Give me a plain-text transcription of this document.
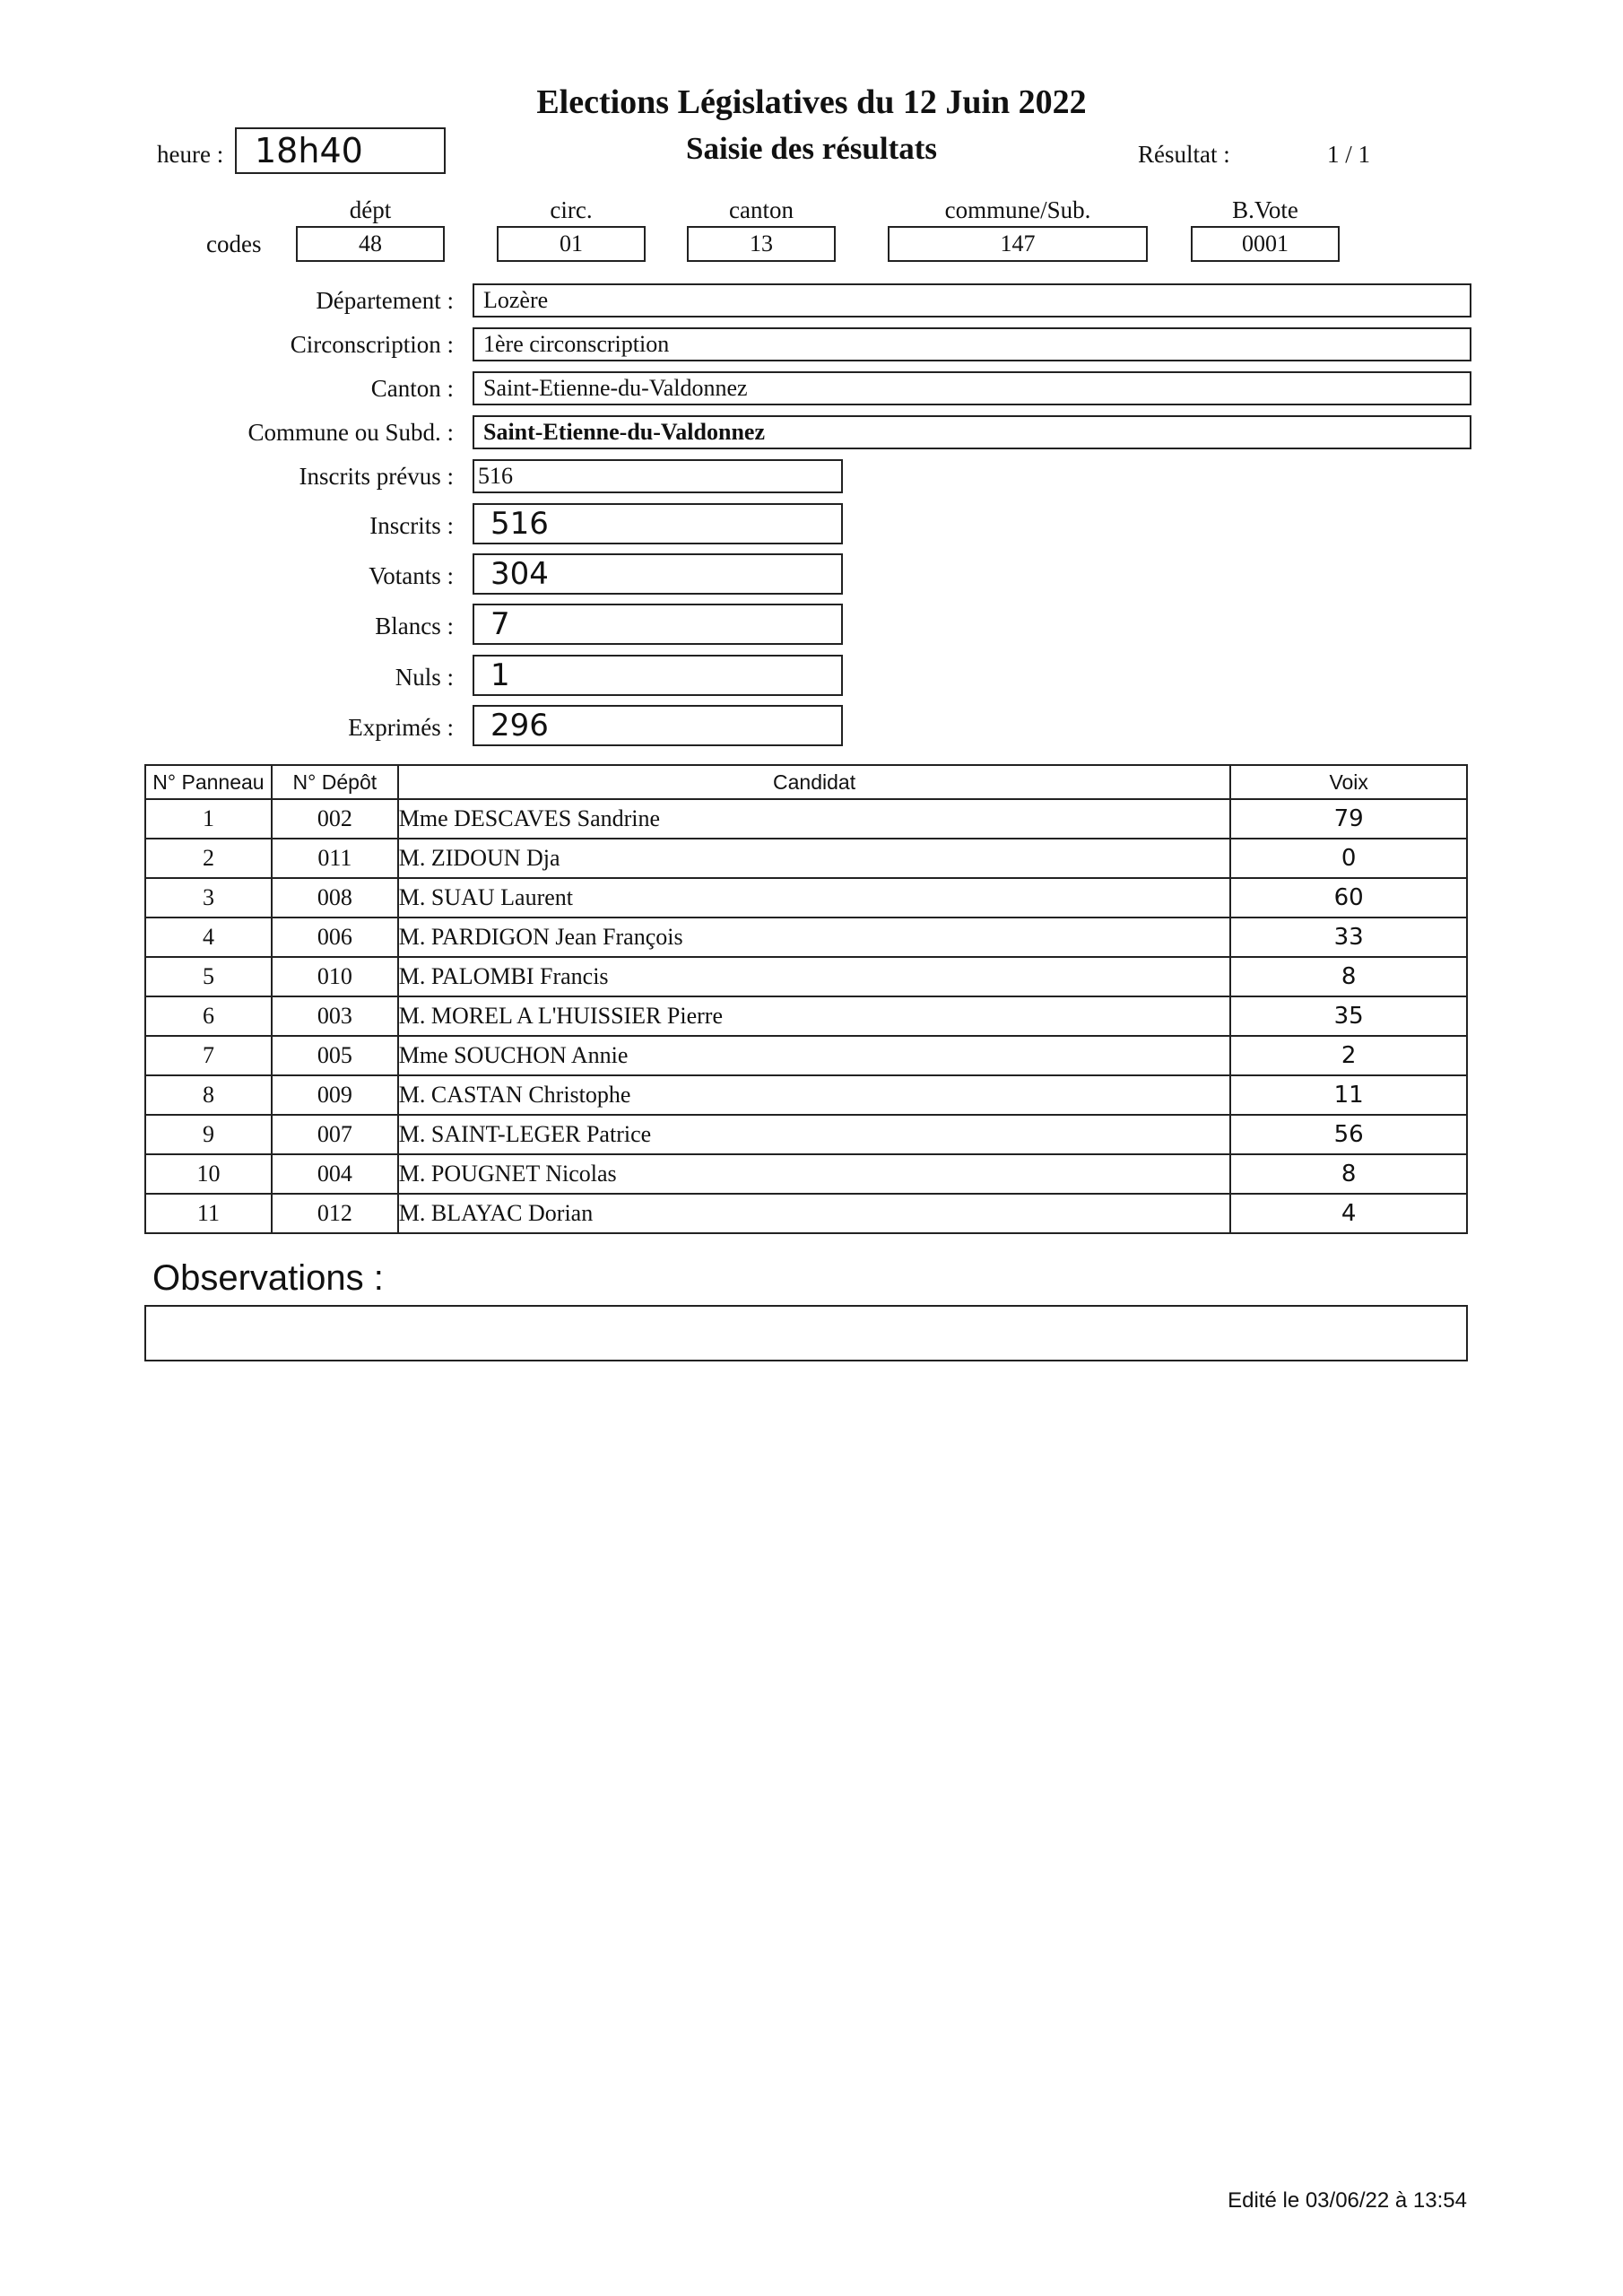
Elections Législatives du 12 Juin 2022
Saisie des résultats
heure : 18h40	Résultat :	1 / 1
dépt	circ.	canton	commune/Sub.	B.Vote
codes	48	01	13	147	0001
Département :	Lozère
Circonscription :	1ère circonscription
Canton :	Saint-Etienne-du-Valdonnez
Commune ou Subd. :	Saint-Etienne-du-Valdonnez
Inscrits prévus : 516
Inscrits :	516
Votants :	304
Blancs :	7
Nuls :	1
Exprimés :	296
N° Panneau	N° Dépôt	Candidat	Voix
1	002	Mme DESCAVES Sandrine	79
2	011	M. ZIDOUN Dja	0
3	008	M. SUAU Laurent	60
4	006	M. PARDIGON Jean François	33
5	010	M. PALOMBI Francis	8
6	003	M. MOREL A L'HUISSIER Pierre	35
7	005	Mme SOUCHON Annie	2
8	009	M. CASTAN Christophe	11
9	007	M. SAINT-LEGER Patrice	56
10	004	M. POUGNET Nicolas	8
11	012	M. BLAYAC Dorian	4
Observations :
Edité le 03/06/22 à 13:54
